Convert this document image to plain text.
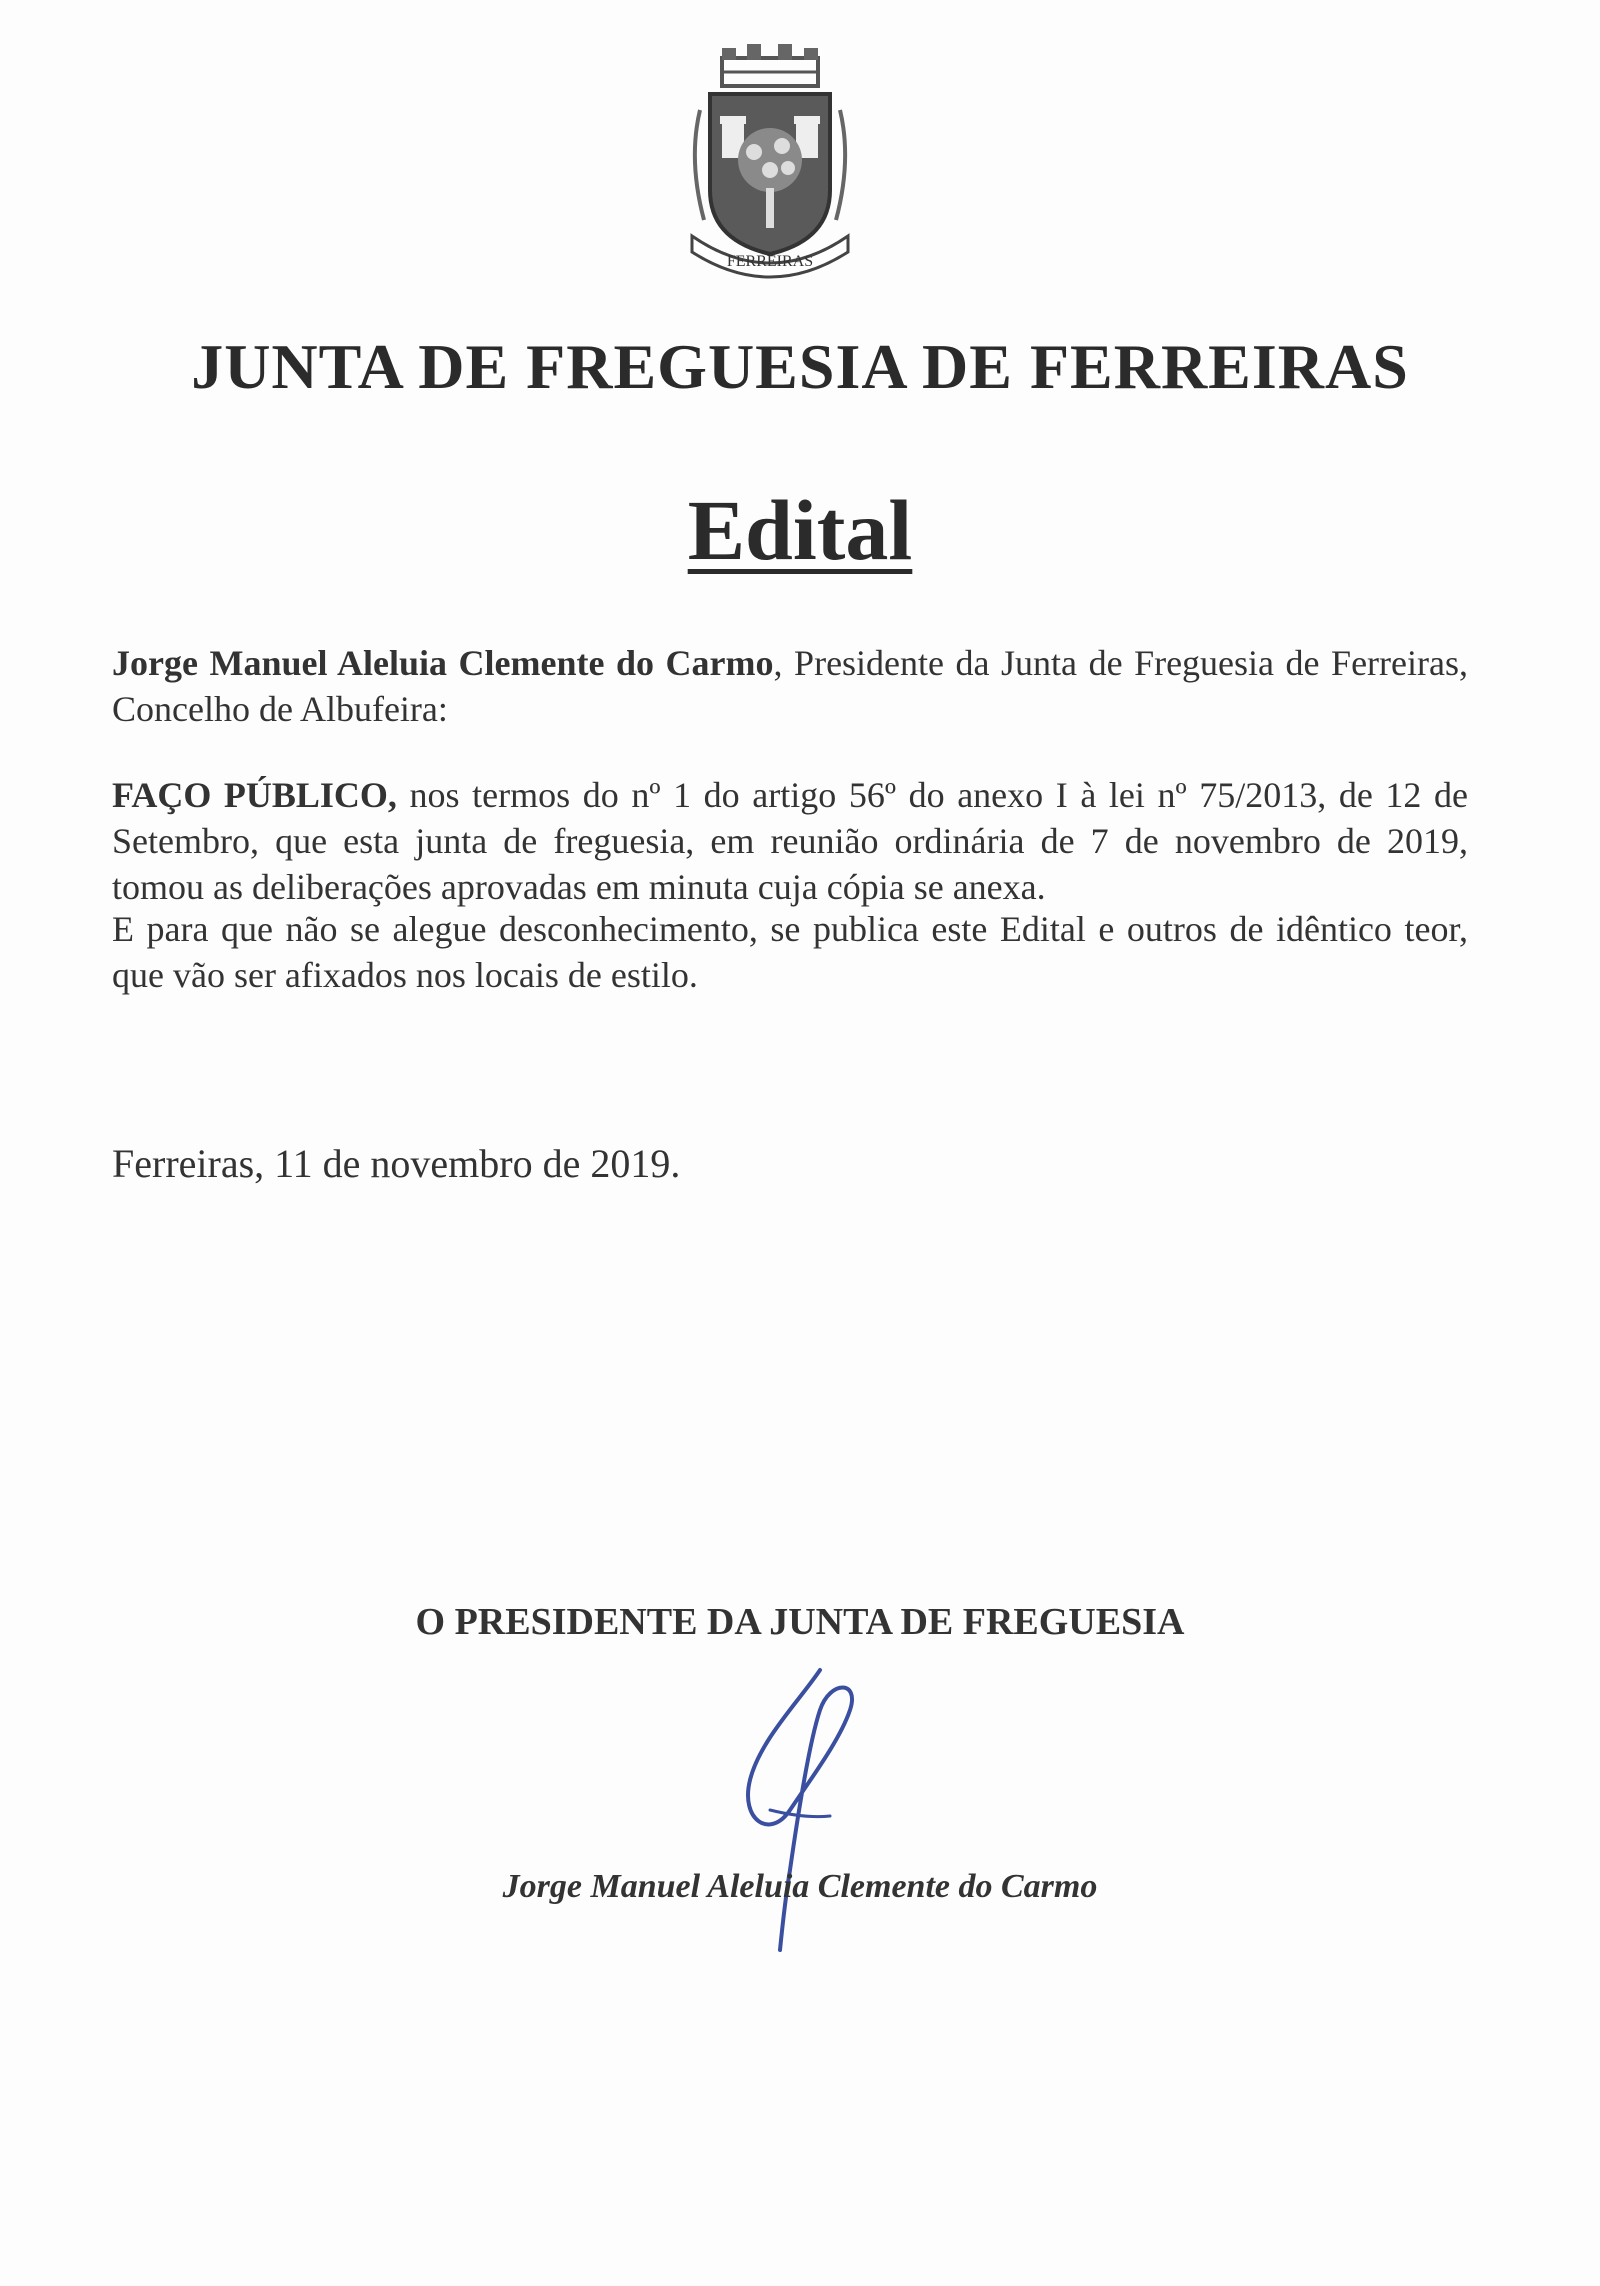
FERREIRAS
JUNTA DE FREGUESIA DE FERREIRAS
Edital
Jorge Manuel Aleluia Clemente do Carmo, Presidente da Junta de Freguesia de Ferreiras, Concelho de Albufeira:
FAÇO PÚBLICO, nos termos do nº 1 do artigo 56º do anexo I à lei nº 75/2013, de 12 de Setembro, que esta junta de freguesia, em reunião ordinária de 7 de novembro de 2019, tomou as deliberações aprovadas em minuta cuja cópia se anexa.
E para que não se alegue desconhecimento, se publica este Edital e outros de idêntico teor, que vão ser afixados nos locais de estilo.
Ferreiras, 11 de novembro de 2019.
O PRESIDENTE DA JUNTA DE FREGUESIA
Jorge Manuel Aleluia Clemente do Carmo
